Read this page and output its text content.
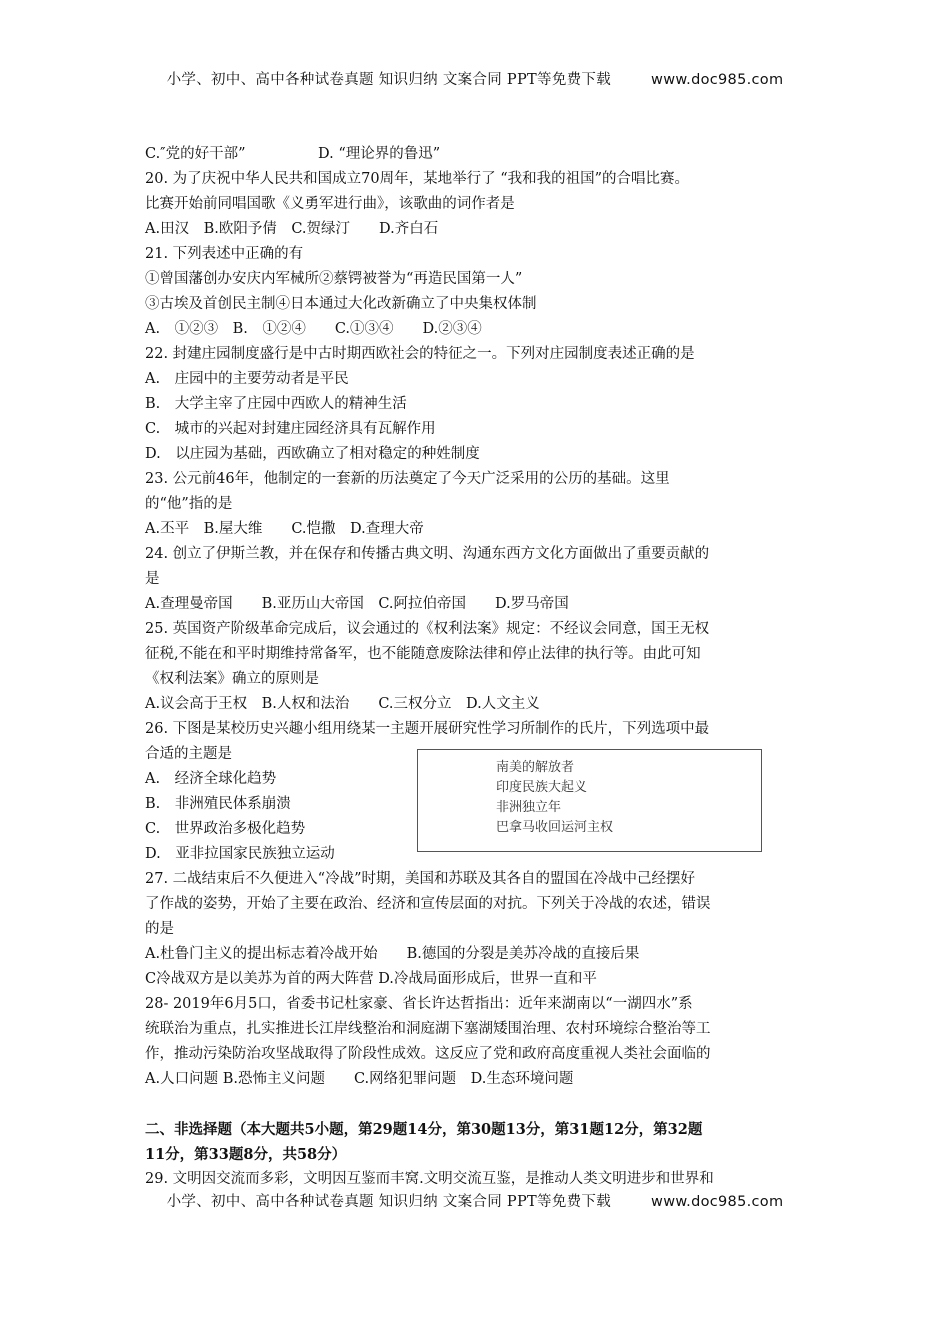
小学、初中、高中各种试卷真题 知识归纳 文案合同 PPT等免费下载	www.doc985.com
C.″党的好干部”　　　　　D. “理论界的鲁迅”
20. 为了庆祝中华人民共和国成立70周年，某地举行了 “我和我的祖国”的合唱比赛。
比赛开始前同唱国歌《义勇军进行曲》，该歌曲的词作者是
A.田汉　B.欧阳予倩　C.贺绿汀　　D.齐白石
21. 下列表述中正确的有
①曾国藩创办安庆内军械所②蔡锷被誉为“再造民国第一人”
③古埃及首创民主制④日本通过大化改新确立了中央集权体制
A.　①②③　B.　①②④　　C.①③④　　D.②③④
22. 封建庄园制度盛行是中古时期西欧社会的特征之一。下列对庄园制度表述正确的是
A.　庄园中的主要劳动者是平民
B.　大学主宰了庄园中西欧人的精神生活
C.　城市的兴起对封建庄园经济具有瓦解作用
D.　以庄园为基础，西欧确立了相对稳定的种姓制度
23. 公元前46年，他制定的一套新的历法奠定了今天广泛采用的公历的基础。这里
的“他”指的是
A.丕平　B.屋大维　　C.恺撒　D.查理大帝
24. 创立了伊斯兰教，并在保存和传播古典文明、沟通东西方文化方面做出了重要贡献的
是
A.查理曼帝国　　B.亚历山大帝国　C.阿拉伯帝国　　D.罗马帝国
25. 英国资产阶级革命完成后，议会通过的《权利法案》规定：不经议会同意，国王无权
征税,不能在和平时期维持常备军，也不能随意废除法律和停止法律的执行等。由此可知
《权利法案》确立的原则是
A.议会高于王权　B.人权和法治　　C.三权分立　D.人文主义
26. 下图是某校历史兴趣小组用绕某一主题开展研究性学习所制作的氏片，下列选项中最
合适的主题是
A.　经济全球化趋势
B.　非洲殖民体系崩溃
C.　世界政治多极化趋势
D.　亚非拉国家民族独立运动
27. 二战结束后不久便进入“冷战”时期，美国和苏联及其各自的盟国在冷战中己经摆好
了作战的姿势，开始了主要在政治、经济和宣传层面的对抗。下列关于冷战的农述，错误
的是
A.杜鲁门主义的提出标志着冷战开始　　B.德国的分裂是美苏冷战的直接后果
C冷战双方是以美苏为首的两大阵营 D.冷战局面形成后，世界一直和平
28- 2019年6月5口，省委书记杜家豪、省长许达哲指出：近年来湖南以“一湖四水”系
统联治为重点，扎实推进长江岸线整治和洞庭湖下塞湖矮围治理、农村环境综合整治等工
作，推动污染防治攻坚战取得了阶段性成效。这反应了党和政府高度重视人类社会面临的
A.人口问题 B.恐怖主义问题　　C.网络犯罪问题　D.生态环境问题
二、非选择题（本大题共5小题，第29题14分，第30题13分，第31题12分，第32题
11分，第33题8分，共58分）
29. 文明因交流而多彩，文明因互鉴而丰窝.文明交流互鉴，是推动人类文明进步和世界和
南美的解放者
印度民族大起义
非洲独立年
巴拿马收回运河主权
小学、初中、高中各种试卷真题 知识归纳 文案合同 PPT等免费下载	www.doc985.com
